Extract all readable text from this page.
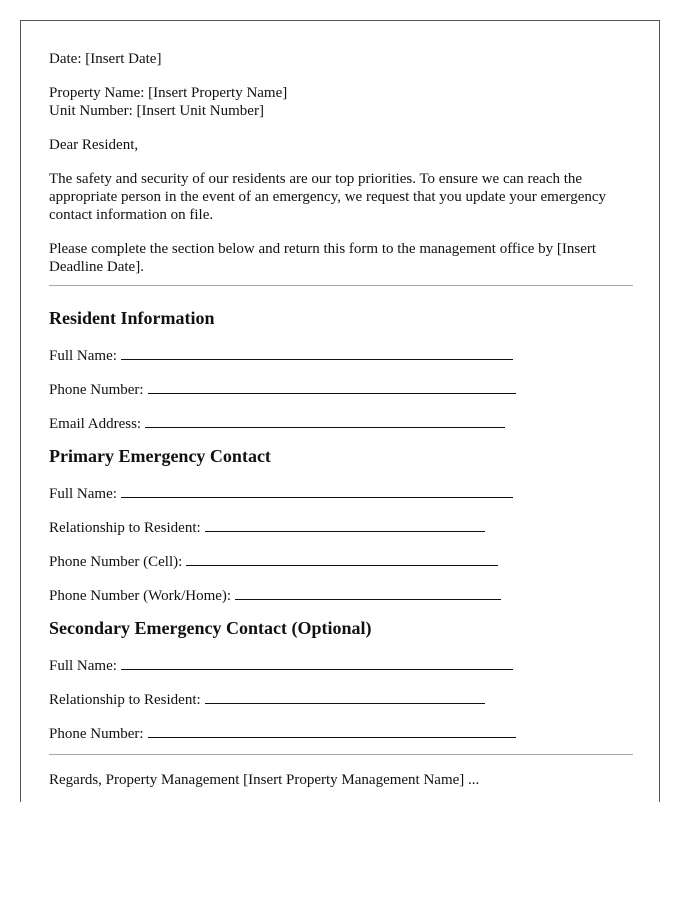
Date: [Insert Date]

Property Name: [Insert Property Name]

Unit Number: [Insert Unit Number]

Dear Resident,

The safety and security of our residents are our top priorities. To ensure we can reach the appropriate person in the event of an emergency, we request that you update your emergency contact information on file.

Please complete the section below and return this form to the management office by [Insert Deadline Date].

Resident Information
Full Name:
Phone Number:
Email Address:
Primary Emergency Contact
Full Name:
Relationship to Resident:
Phone Number (Cell):
Phone Number (Work/Home):
Secondary Emergency Contact (Optional)
Full Name:
Relationship to Resident:
Phone Number:

Regards, Property Management [Insert Property Management Name] ...
